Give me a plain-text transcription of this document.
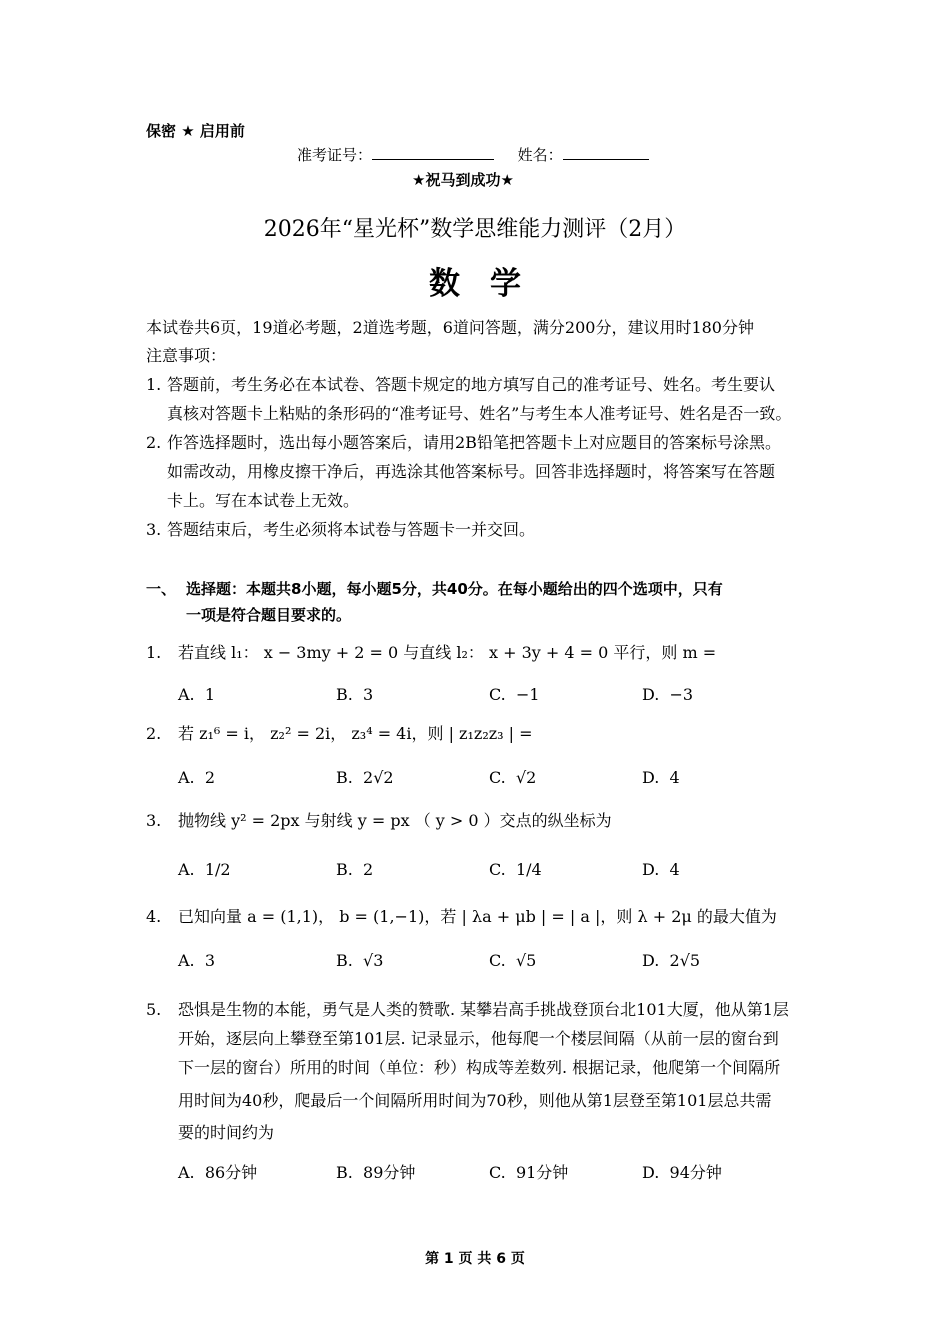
保密 ★ 启用前
准考证号：	姓名：
★祝马到成功★
2026年“星光杯”数学思维能力测评（2月）
数学
本试卷共6页，19道必考题，2道选考题，6道问答题，满分200分，建议用时180分钟
注意事项：
1. 答题前，考生务必在本试卷、答题卡规定的地方填写自己的准考证号、姓名。考生要认
真核对答题卡上粘贴的条形码的“准考证号、姓名”与考生本人准考证号、姓名是否一致。
2. 作答选择题时，选出每小题答案后，请用2B铅笔把答题卡上对应题目的答案标号涂黑。
如需改动，用橡皮擦干净后，再选涂其他答案标号。回答非选择题时，将答案写在答题
卡上。写在本试卷上无效。
3. 答题结束后，考生必须将本试卷与答题卡一并交回。
一、 选择题：本题共8小题，每小题5分，共40分。在每小题给出的四个选项中，只有
一项是符合题目要求的。
1. 若直线 l₁： x − 3my + 2 = 0 与直线 l₂： x + 3y + 4 = 0 平行，则 m =
A. 1	B. 3	C. −1	D. −3
2. 若 z₁⁶ = i， z₂² = 2i， z₃⁴ = 4i，则 | z₁z₂z₃ | =
A. 2	B. 2√2	C. √2	D. 4
3. 抛物线 y² = 2px 与射线 y = px （ y > 0 ）交点的纵坐标为
A. 1/2	B. 2	C. 1/4	D. 4
4. 已知向量 a = (1,1)， b = (1,−1)，若 | λa + μb | = | a |，则 λ + 2μ 的最大值为
A. 3	B. √3	C. √5	D. 2√5
5. 恐惧是生物的本能，勇气是人类的赞歌. 某攀岩高手挑战登顶台北101大厦，他从第1层
开始，逐层向上攀登至第101层. 记录显示，他每爬一个楼层间隔（从前一层的窗台到
下一层的窗台）所用的时间（单位：秒）构成等差数列. 根据记录，他爬第一个间隔所
用时间为40秒，爬最后一个间隔所用时间为70秒，则他从第1层登至第101层总共需
要的时间约为
A. 86分钟	B. 89分钟	C. 91分钟	D. 94分钟
第 1 页 共 6 页
